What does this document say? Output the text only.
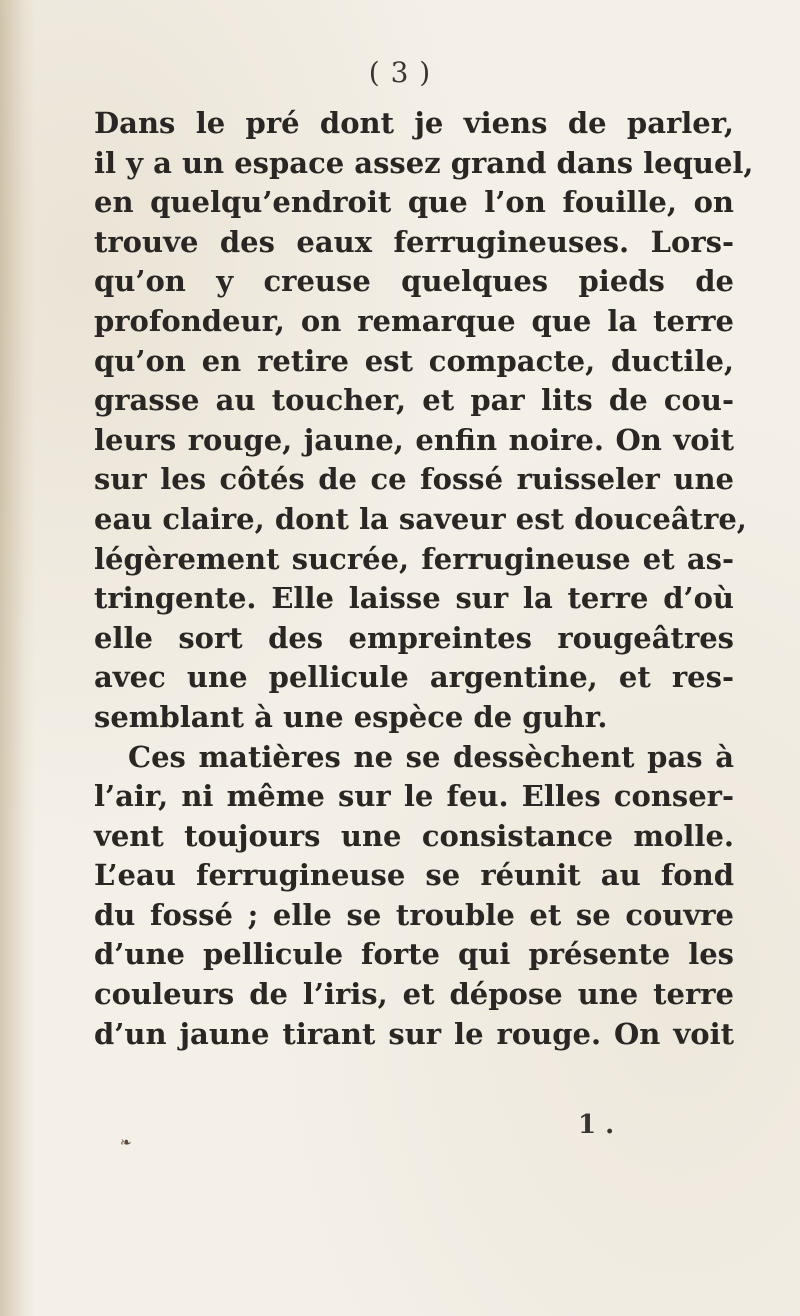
( 3 )
Dans le pré dont je viens de parler,
il y a un espace assez grand dans lequel,
en quelqu’endroit que l’on fouille, on
trouve des eaux ferrugineuses. Lors-
qu’on y creuse quelques pieds de
profondeur, on remarque que la terre
qu’on en retire est compacte, ductile,
grasse au toucher, et par lits de cou-
leurs rouge, jaune, enfin noire. On voit
sur les côtés de ce fossé ruisseler une
eau claire, dont la saveur est douceâtre,
légèrement sucrée, ferrugineuse et as-
tringente. Elle laisse sur la terre d’où
elle sort des empreintes rougeâtres
avec une pellicule argentine, et res-
semblant à une espèce de guhr.
Ces matières ne se dessèchent pas à
l’air, ni même sur le feu. Elles conser-
vent toujours une consistance molle.
L’eau ferrugineuse se réunit au fond
du fossé ; elle se trouble et se couvre
d’une pellicule forte qui présente les
couleurs de l’iris, et dépose une terre
d’un jaune tirant sur le rouge. On voit
1 .
❧
